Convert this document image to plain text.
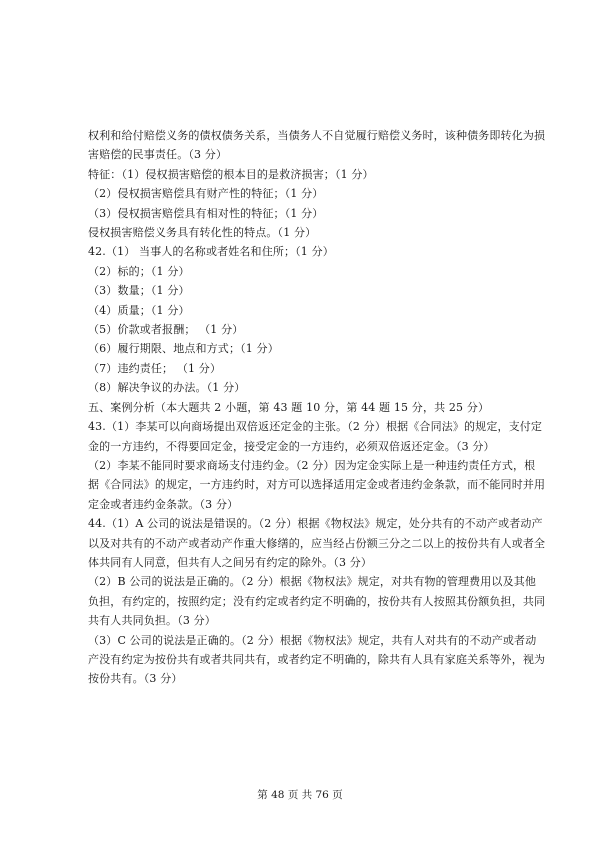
权利和给付赔偿义务的债权债务关系，当债务人不自觉履行赔偿义务时，该种债务即转化为损
害赔偿的民事责任。（3 分）
特征：（1）侵权损害赔偿的根本目的是救济损害；（1 分）
（2）侵权损害赔偿具有财产性的特征；（1 分）
（3）侵权损害赔偿具有相对性的特征；（1 分）
侵权损害赔偿义务具有转化性的特点。（1 分）
42.（1） 当事人的名称或者姓名和住所；（1 分）
（2）标的；（1 分）
（3）数量；（1 分）
（4）质量；（1 分）
（5）价款或者报酬； （1 分）
（6）履行期限、地点和方式；（1 分）
（7）违约责任； （1 分）
（8）解决争议的办法。（1 分）
五、案例分析（本大题共 2 小题，第 43 题 10 分，第 44 题 15 分，共 25 分）
43.（1）李某可以向商场提出双倍返还定金的主张。（2 分）根据《合同法》的规定，支付定
金的一方违约，不得要回定金，接受定金的一方违约，必须双倍返还定金。（3 分）
（2）李某不能同时要求商场支付违约金。（2 分）因为定金实际上是一种违约责任方式，根
据《合同法》的规定，一方违约时，对方可以选择适用定金或者违约金条款，而不能同时并用
定金或者违约金条款。（3 分）
44.（1）A 公司的说法是错误的。（2 分）根据《物权法》规定，处分共有的不动产或者动产
以及对共有的不动产或者动产作重大修缮的，应当经占份额三分之二以上的按份共有人或者全
体共同有人同意，但共有人之间另有约定的除外。（3 分）
（2）B 公司的说法是正确的。（2 分）根据《物权法》规定，对共有物的管理费用以及其他
负担，有约定的，按照约定；没有约定或者约定不明确的，按份共有人按照其份额负担，共同
共有人共同负担。（3 分）
（3）C 公司的说法是正确的。（2 分）根据《物权法》规定，共有人对共有的不动产或者动
产没有约定为按份共有或者共同共有，或者约定不明确的，除共有人具有家庭关系等外，视为
按份共有。（3 分）
第 48 页 共 76 页
